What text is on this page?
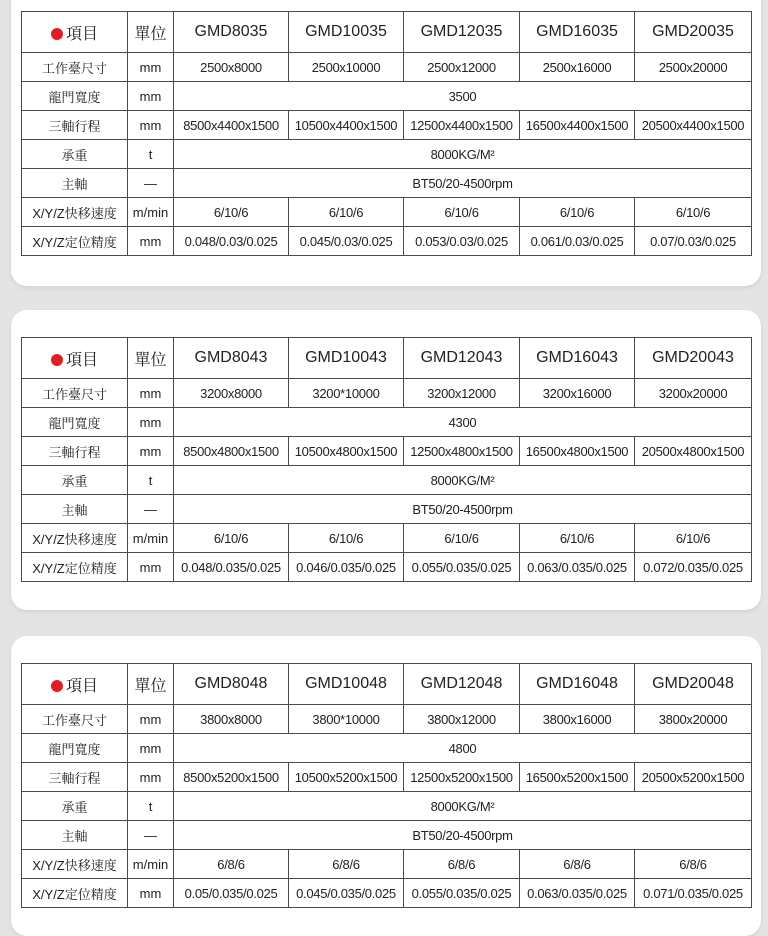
項目	單位	GMD8035	GMD10035	GMD12035	GMD16035	GMD20035
工作臺尺寸	mm	2500x8000	2500x10000	2500x12000	2500x16000	2500x20000
龍門寬度	mm	3500				
三軸行程	mm	8500x4400x1500	10500x4400x1500	12500x4400x1500	16500x4400x1500	20500x4400x1500
承重	t	8000KG/M²				
主軸	—	BT50/20-4500rpm				
X/Y/Z快移速度	m/min	6/10/6	6/10/6	6/10/6	6/10/6	6/10/6
X/Y/Z定位精度	mm	0.048/0.03/0.025	0.045/0.03/0.025	0.053/0.03/0.025	0.061/0.03/0.025	0.07/0.03/0.025
項目	單位	GMD8043	GMD10043	GMD12043	GMD16043	GMD20043
工作臺尺寸	mm	3200x8000	3200*10000	3200x12000	3200x16000	3200x20000
龍門寬度	mm	4300				
三軸行程	mm	8500x4800x1500	10500x4800x1500	12500x4800x1500	16500x4800x1500	20500x4800x1500
承重	t	8000KG/M²				
主軸	—	BT50/20-4500rpm				
X/Y/Z快移速度	m/min	6/10/6	6/10/6	6/10/6	6/10/6	6/10/6
X/Y/Z定位精度	mm	0.048/0.035/0.025	0.046/0.035/0.025	0.055/0.035/0.025	0.063/0.035/0.025	0.072/0.035/0.025
項目	單位	GMD8048	GMD10048	GMD12048	GMD16048	GMD20048
工作臺尺寸	mm	3800x8000	3800*10000	3800x12000	3800x16000	3800x20000
龍門寬度	mm	4800				
三軸行程	mm	8500x5200x1500	10500x5200x1500	12500x5200x1500	16500x5200x1500	20500x5200x1500
承重	t	8000KG/M²				
主軸	—	BT50/20-4500rpm				
X/Y/Z快移速度	m/min	6/8/6	6/8/6	6/8/6	6/8/6	6/8/6
X/Y/Z定位精度	mm	0.05/0.035/0.025	0.045/0.035/0.025	0.055/0.035/0.025	0.063/0.035/0.025	0.071/0.035/0.025
